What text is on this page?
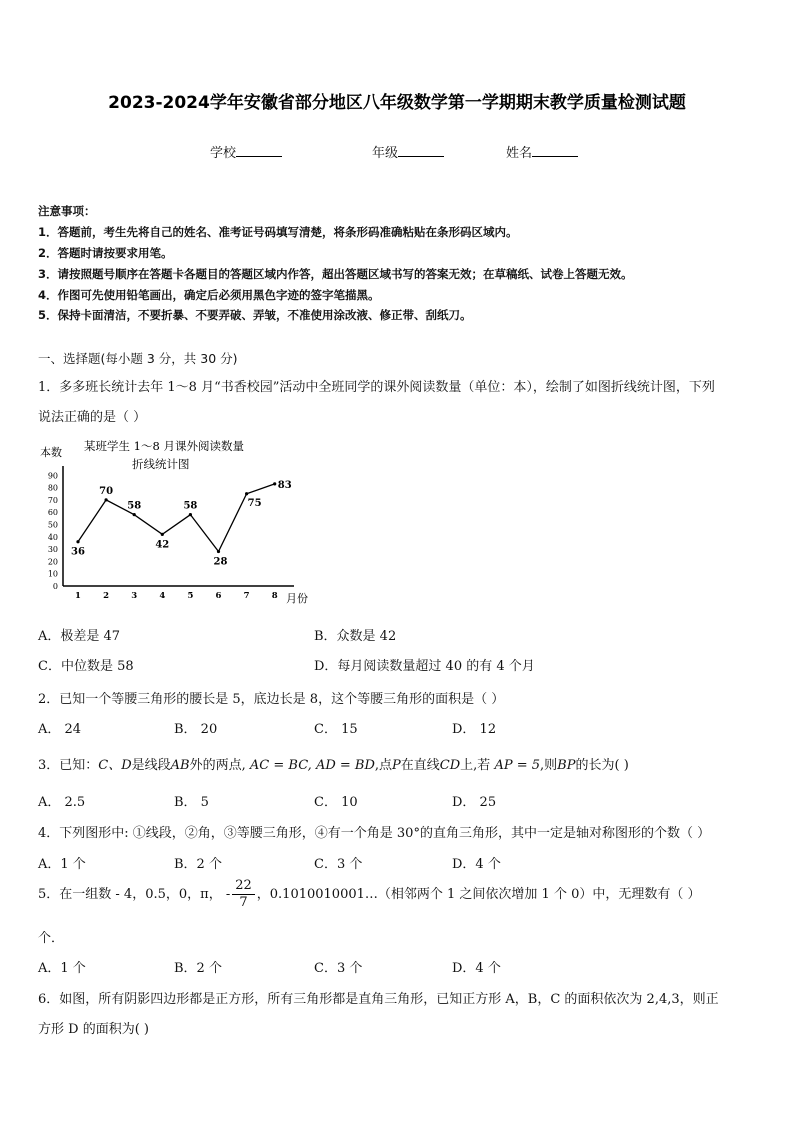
2023-2024学年安徽省部分地区八年级数学第一学期期末教学质量检测试题
学校	年级	姓名
注意事项：
1．答题前，考生先将自己的姓名、准考证号码填写清楚，将条形码准确粘贴在条形码区域内。
2．答题时请按要求用笔。
3．请按照题号顺序在答题卡各题目的答题区域内作答，超出答题区域书写的答案无效；在草稿纸、试卷上答题无效。
4．作图可先使用铅笔画出，确定后必须用黑色字迹的签字笔描黑。
5．保持卡面清洁，不要折暴、不要弄破、弄皱，不准使用涂改液、修正带、刮纸刀。
一、选择题(每小题 3 分，共 30 分)
1．多多班长统计去年 1～8 月“书香校园”活动中全班同学的课外阅读数量（单位：本），绘制了如图折线统计图，下列
说法正确的是（ ）
本数 某班学生 1～8 月课外阅读数量
折线统计图
月份
0
10
20
30
40
50
60
70
80
90
1	2	3	4	5	6	7	8
36
70
58
42
58
28
75
83
A．极差是 47	B．众数是 42
C．中位数是 58	D．每月阅读数量超过 40 的有 4 个月
2．已知一个等腰三角形的腰长是 5，底边长是 8，这个等腰三角形的面积是（ ）
A． 24	B． 20	C． 15	D． 12
3．已知：C、D是线段AB外的两点, AC = BC, AD = BD,点P在直线CD上,若 AP = 5,则BP的长为( )
A． 2.5	B． 5	C． 10	D． 25
4．下列图形中: ①线段，②角，③等腰三角形，④有一个角是 30°的直角三角形，其中一定是轴对称图形的个数（ ）
A．1 个	B．2 个	C．3 个	D．4 个
5．在一组数 - 4，0.5，0，π， - $\frac{22}{7}$ ，0.1010010001…（相邻两个 1 之间依次增加 1 个 0）中，无理数有（ ）
个．
A．1 个	B．2 个	C．3 个	D．4 个
6．如图，所有阴影四边形都是正方形，所有三角形都是直角三角形，已知正方形 A，B，C 的面积依次为 2,4,3，则正
方形 D 的面积为( )
